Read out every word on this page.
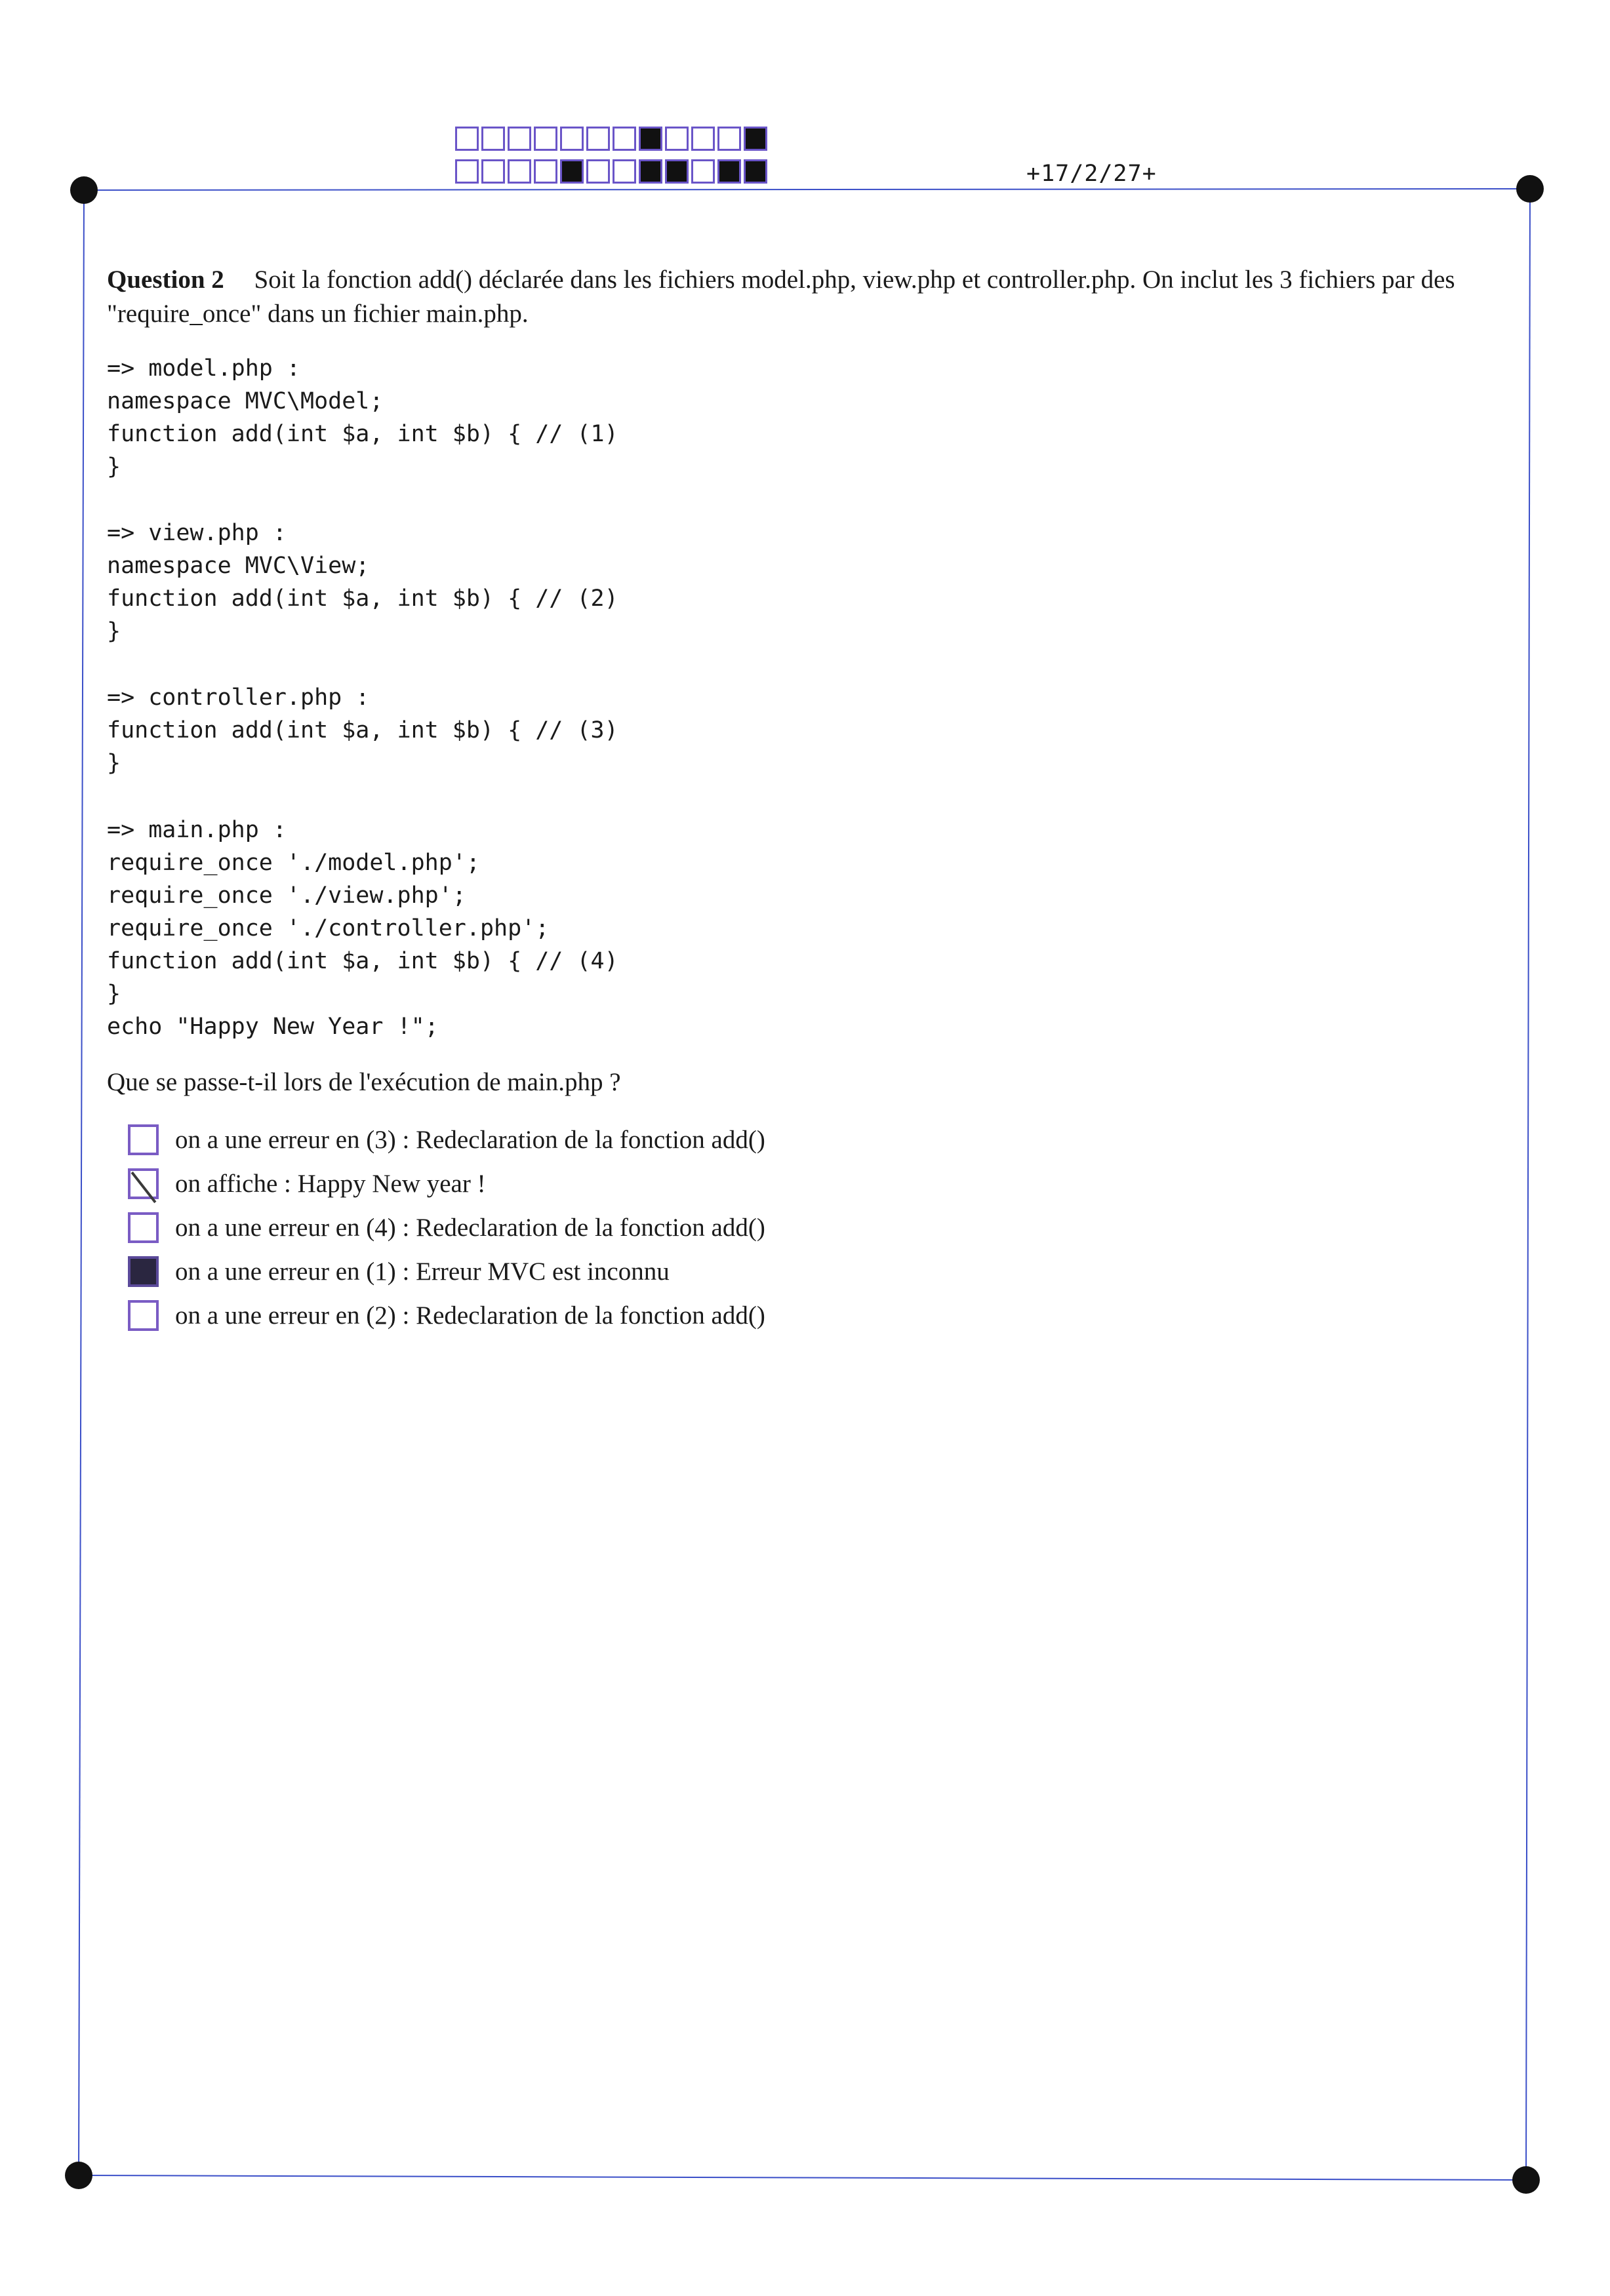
+17/2/27+
Question 2 Soit la fonction add() déclarée dans les fichiers model.php, view.php et controller.php. On inclut les 3 fichiers par des "require_once" dans un fichier main.php.
=> model.php :
namespace MVC\Model;
function add(int $a, int $b) { // (1)
}
=> view.php :
namespace MVC\View;
function add(int $a, int $b) { // (2)
}
=> controller.php :
function add(int $a, int $b) { // (3)
}
=> main.php :
require_once './model.php';
require_once './view.php';
require_once './controller.php';
function add(int $a, int $b) { // (4)
}
echo "Happy New Year !";
Que se passe-t-il lors de l'exécution de main.php ?
on a une erreur en (3) : Redeclaration de la fonction add()
on affiche : Happy New year !
on a une erreur en (4) : Redeclaration de la fonction add()
on a une erreur en (1) : Erreur MVC est inconnu
on a une erreur en (2) : Redeclaration de la fonction add()
